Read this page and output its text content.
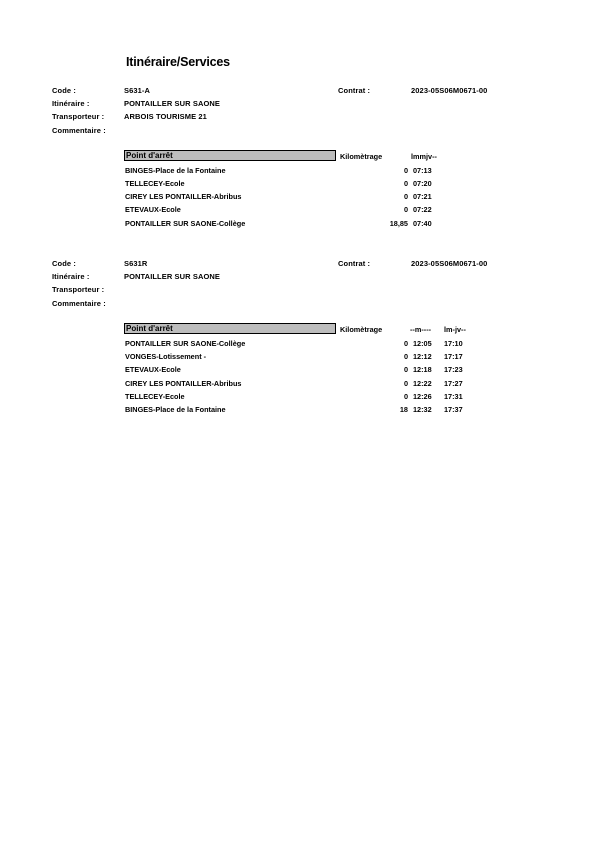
Itinéraire/Services
Code :	S631-A	Contrat :	2023-05S06M0671-00
Itinéraire :	PONTAILLER SUR SAONE
Transporteur :	ARBOIS TOURISME 21
Commentaire :
Point d'arrêt	Kilomètrage	lmmjv--
BINGES-Place de la Fontaine	0 07:13
TELLECEY-Ecole	0 07:20
CIREY LES PONTAILLER-Abribus	0 07:21
ETEVAUX-Ecole	0 07:22
PONTAILLER SUR SAONE-Collège	18,85 07:40
Code :	S631R	Contrat :	2023-05S06M0671-00
Itinéraire :	PONTAILLER SUR SAONE
Transporteur :
Commentaire :
Point d'arrêt	Kilomètrage	--m---- lm-jv--
PONTAILLER SUR SAONE-Collège	0 12:05 17:10
VONGES-Lotissement -	0 12:12 17:17
ETEVAUX-Ecole	0 12:18 17:23
CIREY LES PONTAILLER-Abribus	0 12:22 17:27
TELLECEY-Ecole	0 12:26 17:31
BINGES-Place de la Fontaine	18 12:32 17:37
